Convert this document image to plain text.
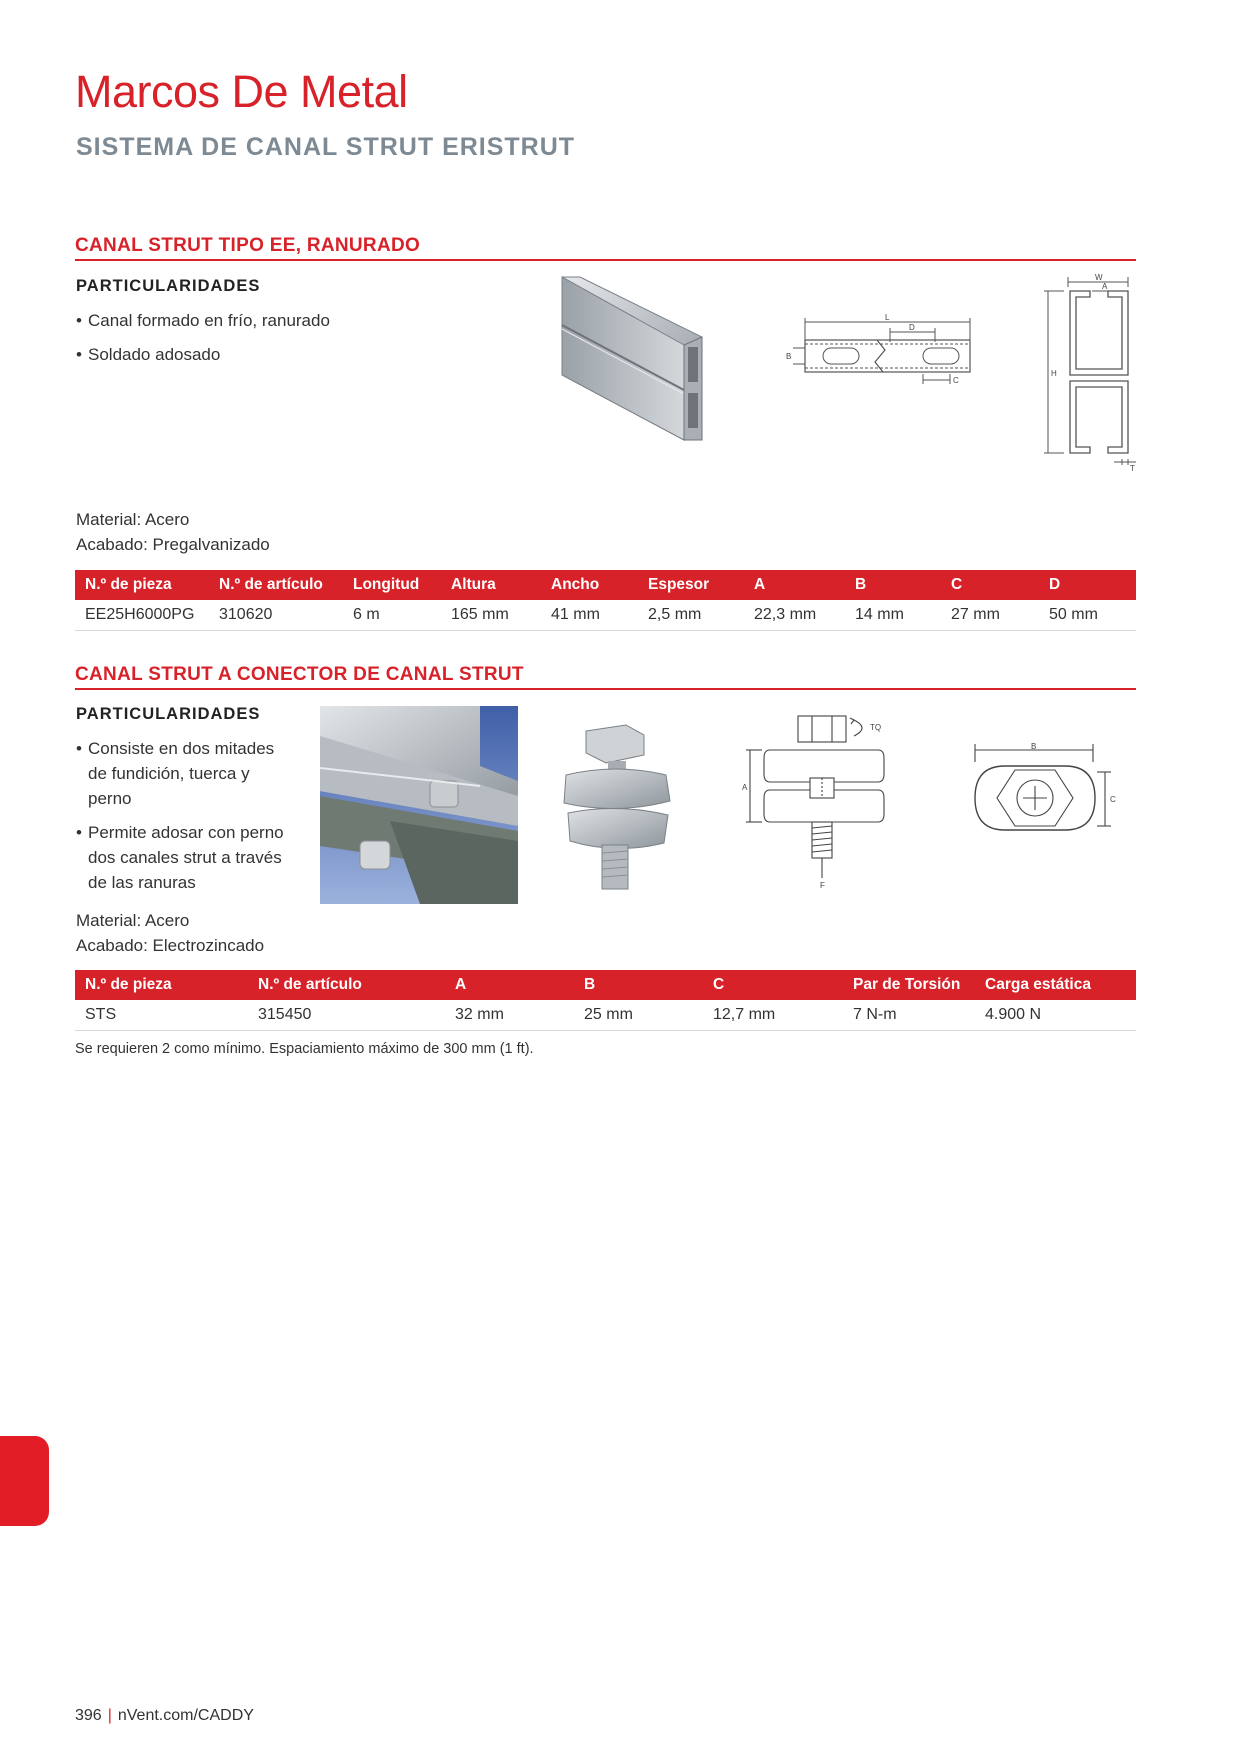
Marcos De Metal
SISTEMA DE CANAL STRUT ERISTRUT
CANAL STRUT TIPO EE, RANURADO
PARTICULARIDADES
• Canal formado en frío, ranurado
• Soldado adosado
L
D
B
C
W
A
H
T
Material: Acero
Acabado: Pregalvanizado
N.º de pieza	N.º de artículo	Longitud	Altura	Ancho	Espesor	A	B	C	D
EE25H6000PG	310620	6 m	165 mm	41 mm	2,5 mm	22,3 mm	14 mm	27 mm	50 mm
CANAL STRUT A CONECTOR DE CANAL STRUT
PARTICULARIDADES
• Consiste en dos mitades de fundición, tuerca y perno
• Permite adosar con perno dos canales strut a través de las ranuras
TQ
A
F
B
C
Material: Acero
Acabado: Electrozincado
N.º de pieza	N.º de artículo	A	B	C	Par de Torsión	Carga estática
STS	315450	32 mm	25 mm	12,7 mm	7 N-m	4.900 N
Se requieren 2 como mínimo. Espaciamiento máximo de 300 mm (1 ft).
396 | nVent.com/CADDY
